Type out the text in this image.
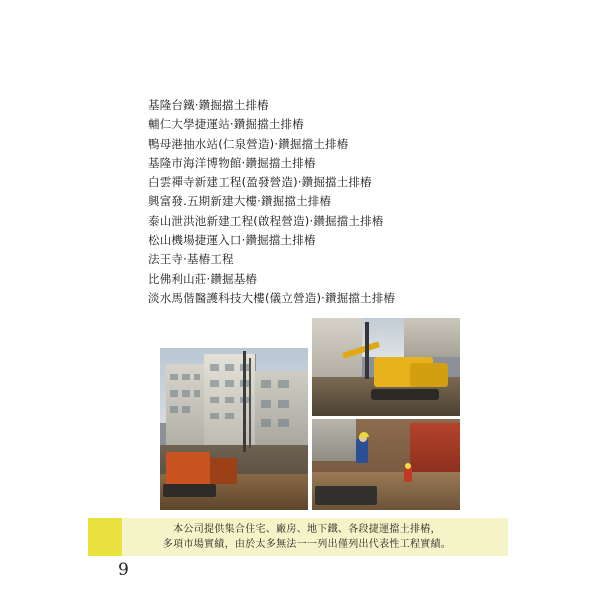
基隆台鐵‧鑽掘擋土排樁
輔仁大學捷運站‧鑽掘擋土排樁
鴨母港抽水站(仁泉營造)‧鑽掘擋土排樁
基隆市海洋博物館‧鑽掘擋土排樁
白雲禪寺新建工程(盈發營造)‧鑽掘擋土排樁
興富發.五期新建大樓‧鑽掘擋土排樁
泰山泄洪池新建工程(啟程營造)‧鑽掘擋土排樁
松山機場捷運入口‧鑽掘擋土排樁
法王寺‧基樁工程
比佛利山莊‧鑽掘基樁
淡水馬偕醫護科技大樓(儀立營造)‧鑽掘擋土排樁
本公司提供集合住宅、廠房、地下鐵、各段捷運擋土排樁，
多項市場實績，由於太多無法一一列出僅列出代表性工程實績。
9
